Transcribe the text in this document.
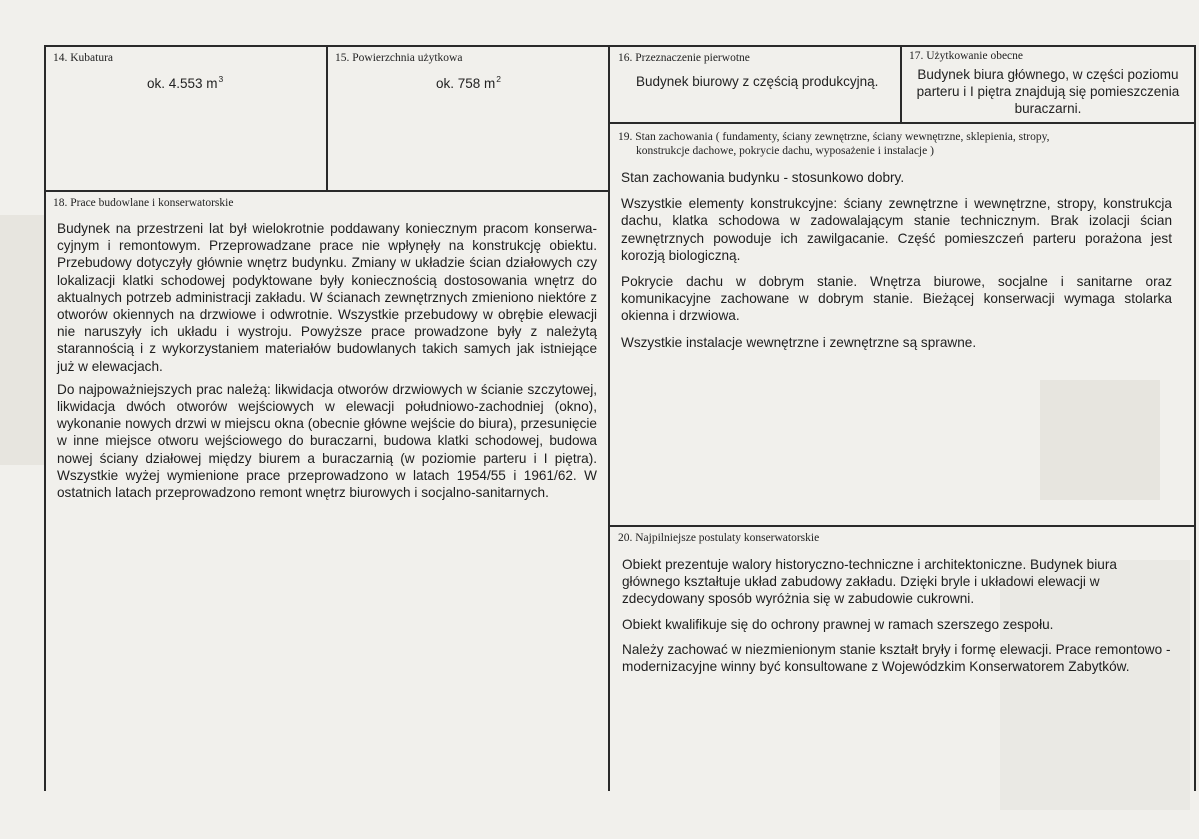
14. Kubatura
ok. 4.553 $m^3$
15. Powierzchnia użytkowa
ok. 758 $m^2$
16. Przeznaczenie pierwotne
Budynek biurowy z częścią produkcyjną.
17. Użytkowanie obecne
Budynek biura głównego, w części poziomu parteru i I piętra znajdują się pomieszczenia buraczarni.
18. Prace budowlane i konserwatorskie

Budynek na przestrzeni lat był wielokrotnie poddawany koniecznym pracom konserwa-cyjnym i remontowym. Przeprowadzane prace nie wpłynęły na konstrukcję obiektu. Przebudowy dotyczyły głównie wnętrz budynku. Zmiany w układzie ścian działowych czy lokalizacji klatki schodowej podyktowane były koniecznością dostosowania wnętrz do aktualnych potrzeb administracji zakładu. W ścianach zewnętrznych zmieniono niektóre z otworów okiennych na drzwiowe i odwrotnie. Wszystkie przebudowy w obrębie elewacji nie naruszyły ich układu i wystroju. Powyższe prace prowadzone były z należytą starannością i z wykorzystaniem materiałów budowlanych takich samych jak istniejące już w elewacjach.

Do najpoważniejszych prac należą: likwidacja otworów drzwiowych w ścianie szczytowej, likwidacja dwóch otworów wejściowych w elewacji południowo-zachodniej (okno), wykonanie nowych drzwi w miejscu okna (obecnie główne wejście do biura), przesunięcie w inne miejsce otworu wejściowego do buraczarni, budowa klatki schodowej, budowa nowej ściany działowej między biurem a buraczarnią (w poziomie parteru i I piętra). Wszystkie wyżej wymienione prace przeprowadzono w latach 1954/55 i 1961/62. W ostatnich latach przeprowadzono remont wnętrz biurowych i socjalno-sanitarnych.

19. Stan zachowania ( fundamenty, ściany zewnętrzne, ściany wewnętrzne, sklepienia, stropy,
konstrukcje dachowe, pokrycie dachu, wyposażenie i instalacje )

Stan zachowania budynku - stosunkowo dobry.

Wszystkie elementy konstrukcyjne: ściany zewnętrzne i wewnętrzne, stropy, konstrukcja dachu, klatka schodowa w zadowalającym stanie technicznym. Brak izolacji ścian zewnętrznych powoduje ich zawilgacanie. Część pomieszczeń parteru porażona jest korozją biologiczną.

Pokrycie dachu w dobrym stanie. Wnętrza biurowe, socjalne i sanitarne oraz komunikacyjne zachowane w dobrym stanie. Bieżącej konserwacji wymaga stolarka okienna i drzwiowa.

Wszystkie instalacje wewnętrzne i zewnętrzne są sprawne.

20. Najpilniejsze postulaty konserwatorskie

Obiekt prezentuje walory historyczno-techniczne i architektoniczne. Budynek biura głównego kształtuje układ zabudowy zakładu. Dzięki bryle i układowi elewacji w zdecydowany sposób wyróżnia się w zabudowie cukrowni.

Obiekt kwalifikuje się do ochrony prawnej w ramach szerszego zespołu.

Należy zachować w niezmienionym stanie kształt bryły i formę elewacji. Prace remontowo - modernizacyjne winny być konsultowane z Wojewódzkim Konserwatorem Zabytków.
